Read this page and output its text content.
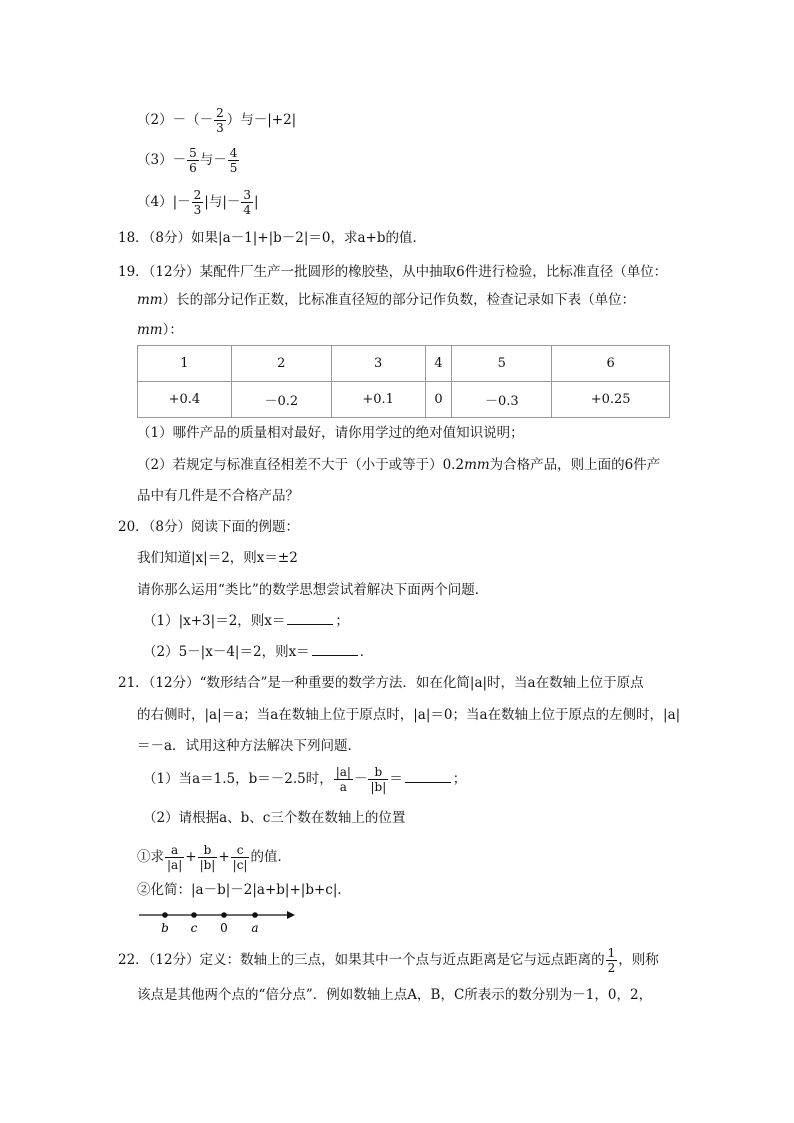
$(2)-(- \frac{2}{3}$ ）与－|+2|
$(3)- \frac{5}{6}$ 与－ $\frac{4}{5}$
$(4)|- \frac{2}{3}$ |与|－ $\frac{3}{4}$ |
18．（8分）如果|a－1|+|b－2|＝0，求a+b的值．
19．（12分）某配件厂生产一批圆形的橡胶垫，从中抽取6件进行检验，比标准直径（单位：
mm）长的部分记作正数，比标准直径短的部分记作负数，检查记录如下表（单位：
mm）：
1	2	3	4	5	6
+0.4	－0.2	+0.1	0	－0.3	+0.25
（1）哪件产品的质量相对最好，请你用学过的绝对值知识说明；
（2）若规定与标准直径相差不大于（小于或等于）0.2mm为合格产品，则上面的6件产
品中有几件是不合格产品？
20．（8分）阅读下面的例题：
我们知道|x|＝2，则x＝±2
请你那么运用“类比”的数学思想尝试着解决下面两个问题．
（1）|x+3|＝2，则x＝	；
（2）5－|x－4|＝2，则x＝	．
21．（12分）“数形结合”是一种重要的数学方法．如在化简|a|时，当a在数轴上位于原点
的右侧时，|a|＝a；当a在数轴上位于原点时，|a|＝0；当a在数轴上位于原点的左侧时，|a|
＝－a．试用这种方法解决下列问题．
（1）当a＝1.5，b＝－2.5时， $\frac{|a|}{a} - \frac{b}{|b|}$ ＝	；
（2）请根据a、b、c三个数在数轴上的位置
①求 $\frac{a}{|a|} + \frac{b}{|b|} + \frac{c}{|c|}$ 的值．
②化简：|a－b|－2|a+b|+|b+c|．
b c 0 a
22．（12分）定义：数轴上的三点，如果其中一个点与近点距离是它与远点距离的 $\frac{1}{2}$ ，则称
该点是其他两个点的“倍分点”．例如数轴上点A，B，C所表示的数分别为－1，0，2，
